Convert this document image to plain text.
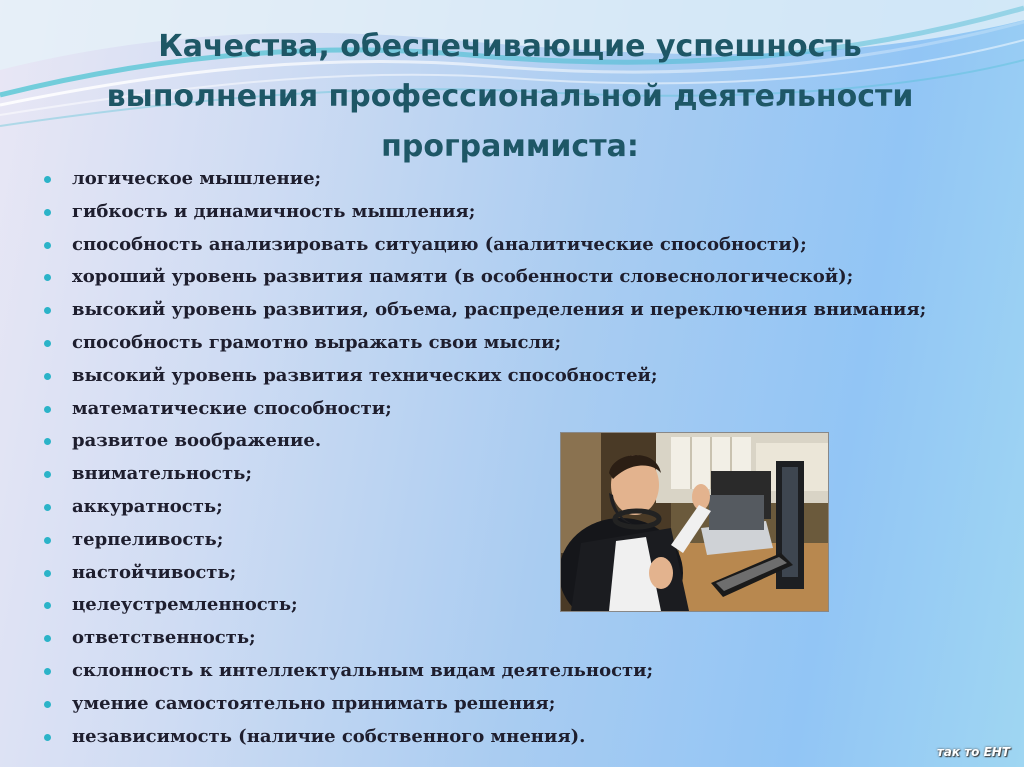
Качества, обеспечивающие успешность
выполнения профессиональной деятельности
программиста:
логическое мышление;
гибкость и динамичность мышления;
способность анализировать ситуацию (аналитические способности);
хороший уровень развития памяти (в особенности словеснологической);
высокий уровень развития, объема, распределения и переключения внимания;
способность грамотно выражать свои мысли;
высокий уровень развития технических способностей;
математические способности;
развитое воображение.
внимательность;
аккуратность;
терпеливость;
настойчивость;
целеустремленность;
ответственность;
склонность к интеллектуальным видам деятельности;
умение самостоятельно принимать решения;
независимость (наличие собственного мнения).
так то ЕНТ
